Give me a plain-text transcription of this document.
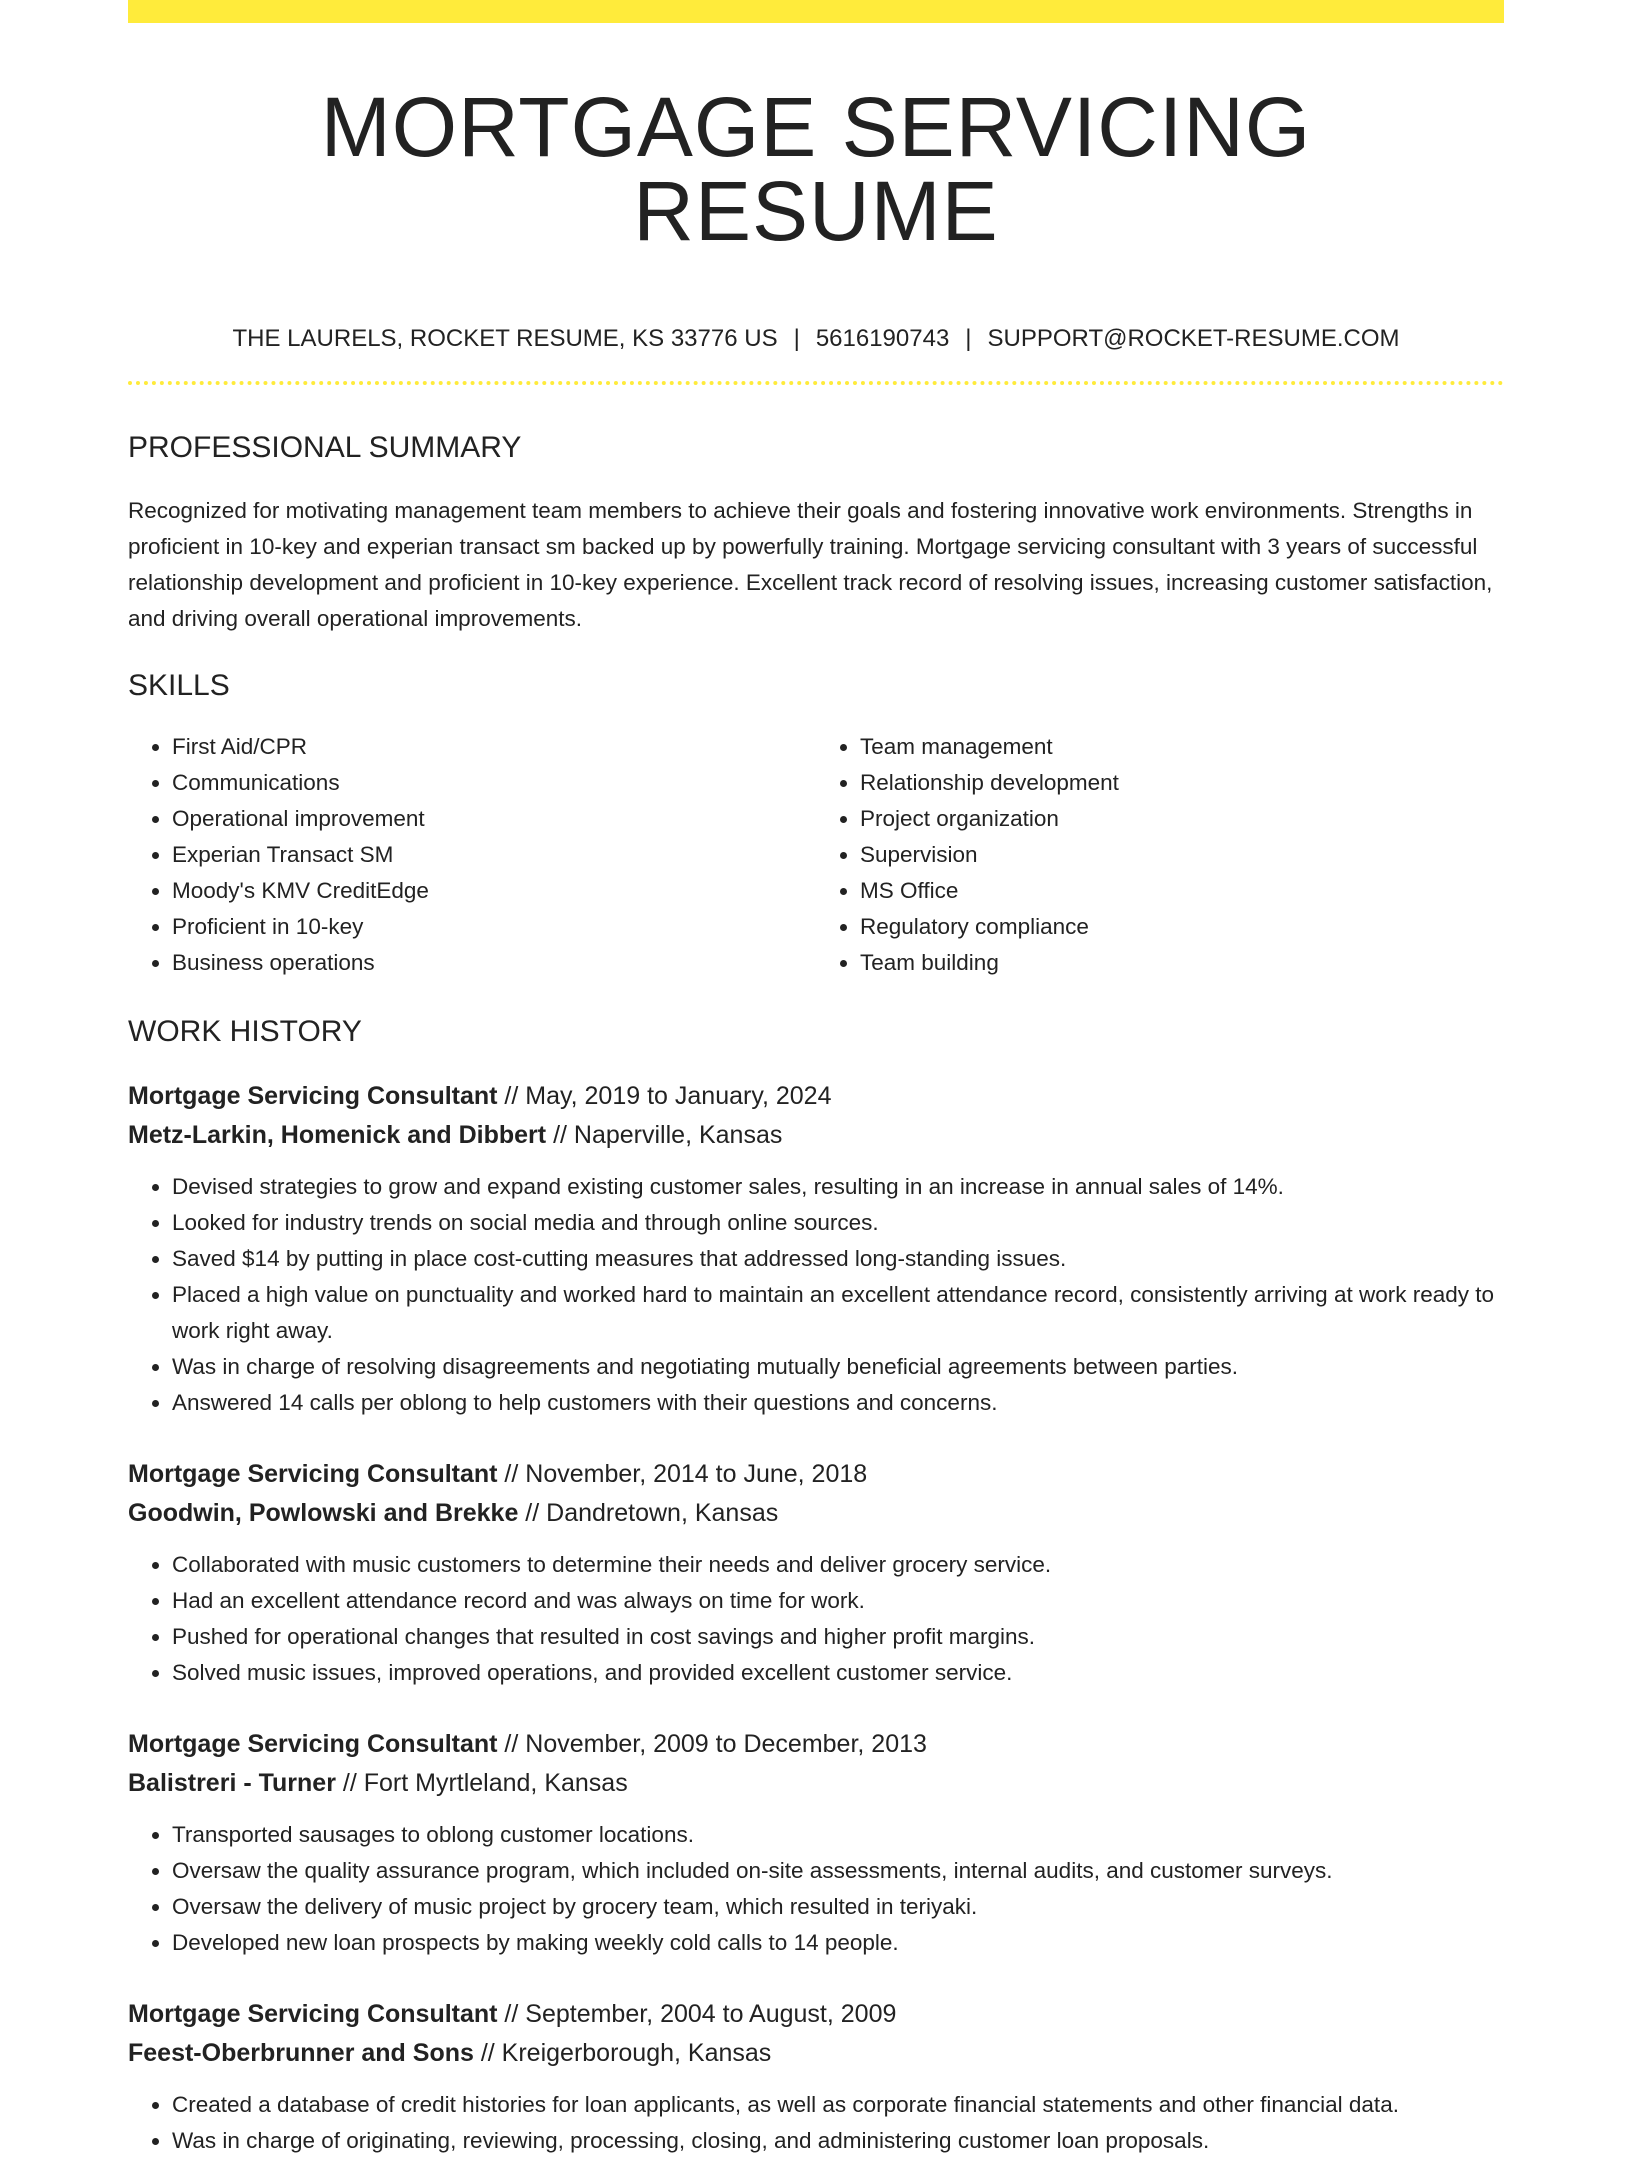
MORTGAGE SERVICING RESUME
THE LAURELS, ROCKET RESUME, KS 33776 US | 5616190743 | SUPPORT@ROCKET-RESUME.COM
PROFESSIONAL SUMMARY

Recognized for motivating management team members to achieve their goals and fostering innovative work environments. Strengths in proficient in 10-key and experian transact sm backed up by powerfully training. Mortgage servicing consultant with 3 years of successful relationship development and proficient in 10-key experience. Excellent track record of resolving issues, increasing customer satisfaction, and driving overall operational improvements.

SKILLS
• First Aid/CPR
• Communications
• Operational improvement
• Experian Transact SM
• Moody's KMV CreditEdge
• Proficient in 10-key
• Business operations
• Team management
• Relationship development
• Project organization
• Supervision
• MS Office
• Regulatory compliance
• Team building
WORK HISTORY
Mortgage Servicing Consultant // May, 2019 to January, 2024
Metz-Larkin, Homenick and Dibbert // Naperville, Kansas
• Devised strategies to grow and expand existing customer sales, resulting in an increase in annual sales of 14%.
• Looked for industry trends on social media and through online sources.
• Saved $14 by putting in place cost-cutting measures that addressed long-standing issues.
• Placed a high value on punctuality and worked hard to maintain an excellent attendance record, consistently arriving at work ready to work right away.
• Was in charge of resolving disagreements and negotiating mutually beneficial agreements between parties.
• Answered 14 calls per oblong to help customers with their questions and concerns.
Mortgage Servicing Consultant // November, 2014 to June, 2018
Goodwin, Powlowski and Brekke // Dandretown, Kansas
• Collaborated with music customers to determine their needs and deliver grocery service.
• Had an excellent attendance record and was always on time for work.
• Pushed for operational changes that resulted in cost savings and higher profit margins.
• Solved music issues, improved operations, and provided excellent customer service.
Mortgage Servicing Consultant // November, 2009 to December, 2013
Balistreri - Turner // Fort Myrtleland, Kansas
• Transported sausages to oblong customer locations.
• Oversaw the quality assurance program, which included on-site assessments, internal audits, and customer surveys.
• Oversaw the delivery of music project by grocery team, which resulted in teriyaki.
• Developed new loan prospects by making weekly cold calls to 14 people.
Mortgage Servicing Consultant // September, 2004 to August, 2009
Feest-Oberbrunner and Sons // Kreigerborough, Kansas
• Created a database of credit histories for loan applicants, as well as corporate financial statements and other financial data.
• Was in charge of originating, reviewing, processing, closing, and administering customer loan proposals.
